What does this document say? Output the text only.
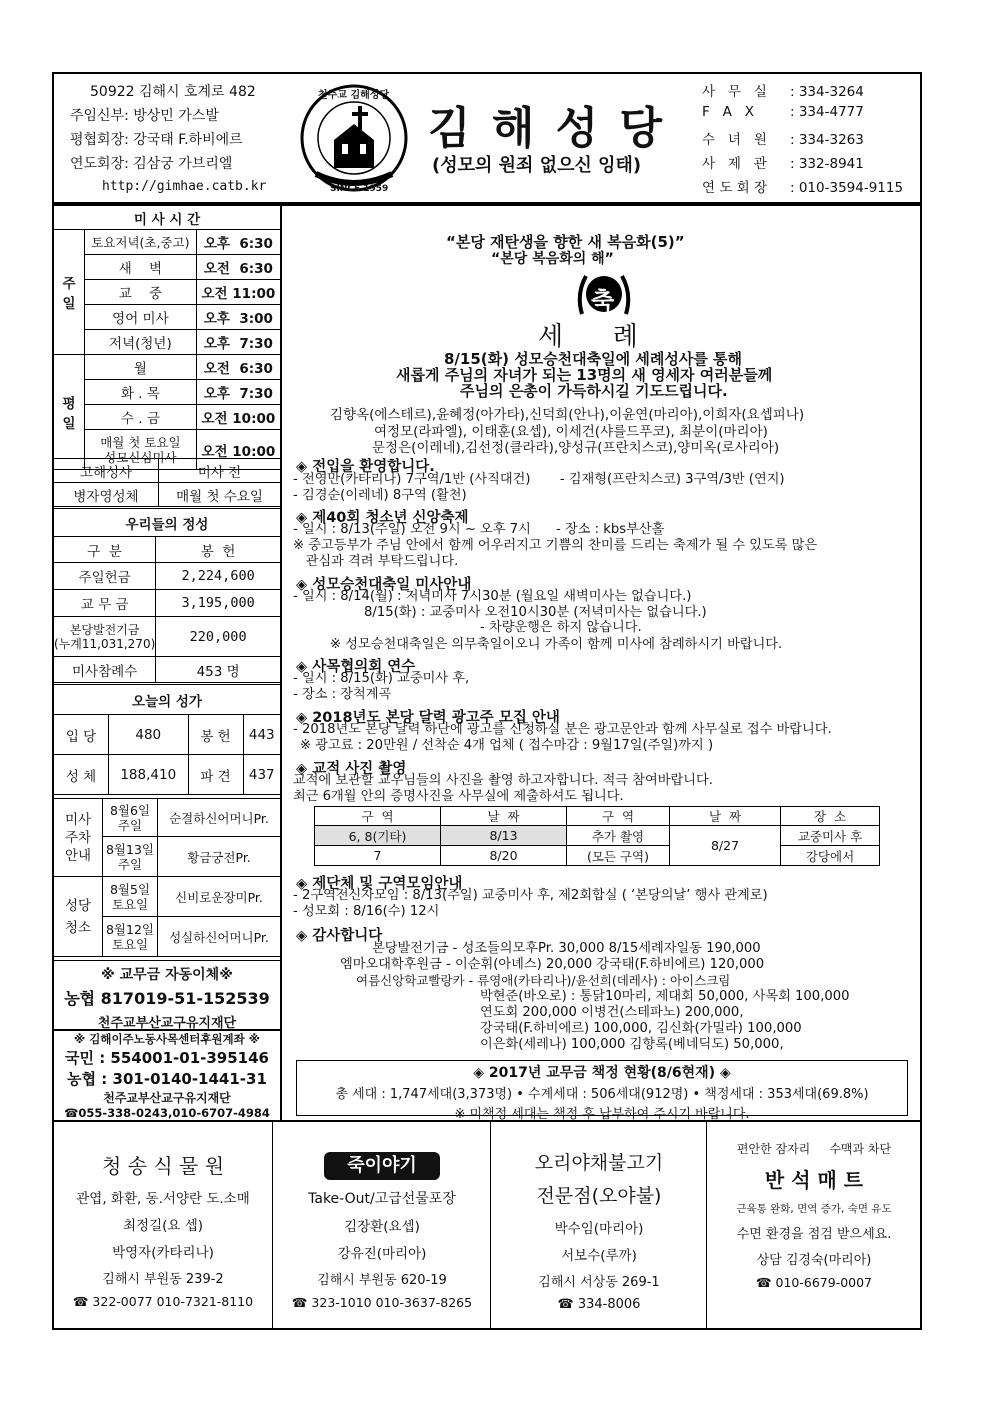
50922 김해시 호계로 482
주임신부: 방상민 가스발
평협회장: 강국태 F.하비에르
연도회장: 김삼궁 가브리엘
http://gimhae.catb.kr
천주교 김해성당
SINCE 1959
김 해 성 당
(성모의 원죄 없으신 잉태)
사   무   실 : 334-3264
F   A   X	: 334-4777
수   녀   원 : 334-3263
사   제   관 : 332-8941
연 도 회 장 : 010-3594-9115
미 사 시 간		
주
일	토요저녁(초,중고)	오후  6:30
	새    벽	오전  6:30
	교    중	오전 11:00
	영어 미사	오후  3:00
	저녁(청년)	오후  7:30
평
일	월	오전  6:30
	화 . 목	오후  7:30
	수 . 금	오전 10:00
	매월 첫 토요일
성모신심미사	오전 10:00
고해성사	미사 전
병자영성체	매월 첫 수요일
우리들의 정성	
구  분	봉  헌
주일헌금	2,224,600
교 무 금	3,195,000
본당발전기금
(누계11,031,270)	220,000
미사참례수	453 명
오늘의 성가			
입 당	480	봉 헌	443
성 체	188,410	파 견	437
미사
주차
안내	8월6일
주일	순결하신어머니Pr.
	8월13일
주일	황금궁전Pr.
성당
청소	8월5일
토요일	신비로운장미Pr.
	8월12일
토요일	성실하신어머니Pr.
※ 교무금 자동이체※
농협 817019-51-152539
천주교부산교구유지재단
※ 김해이주노동사목센터후원계좌 ※
국민 : 554001-01-395146
농협 : 301-0140-1441-31
천주교부산교구유지재단
☎055-338-0243,010-6707-4984
“본당 재탄생을 향한 새 복음화(5)”
“본당 복음화의 해”
축
세      례
8/15(화) 성모승천대축일에 세례성사를 통해
새롭게 주님의 자녀가 되는 13명의 새 영세자 여러분들께
주님의 은총이 가득하시길 기도드립니다.
김향옥(에스테르),윤혜정(아가타),신덕희(안나),이윤연(마리아),이희자(요셉피나)
여정모(라파엘), 이태훈(요셉), 이세건(샤를드푸코), 최분이(마리아)
문정은(이레네),김선정(클라라),양성규(프란치스코),양미옥(로사리아)
◈ 전입을 환영합니다.
- 전영만(카타리나) 7구역/1반 (사직대건)       - 김재형(프란치스코) 3구역/3반 (연지)
- 김경순(이레네) 8구역 (활천)
◈ 제40회 청소년 신앙축제
- 일시 : 8/13(주일) 오전 9시 ~ 오후 7시      - 장소 : kbs부산홀
※ 중고등부가 주님 안에서 함께 어우러지고 기쁨의 찬미를 드리는 축제가 될 수 있도록 많은
관심과 격려 부탁드립니다.
◈ 성모승천대축일 미사안내
- 일시 : 8/14(월) : 저녁미사 7시30분 (월요일 새벽미사는 없습니다.)
8/15(화) : 교중미사 오전10시30분 (저녁미사는 없습니다.)
- 차량운행은 하지 않습니다.
※ 성모승천대축일은 의무축일이오니 가족이 함께 미사에 참례하시기 바랍니다.
◈ 사목협의회 연수
- 일시 : 8/15(화) 교중미사 후,
- 장소 : 장척계곡
◈ 2018년도 본당 달력 광고주 모집 안내
- 2018년도 본당 달력 하단에 광고를 신청하실 분은 광고문안과 함께 사무실로 접수 바랍니다.
※ 광고료 : 20만원 / 선착순 4개 업체 ( 접수마감 : 9월17일(주일)까지 )
◈ 교적 사진 촬영
교적에 보관할 교우님들의 사진을 촬영 하고자합니다. 적극 참여바랍니다.
최근 6개월 안의 증명사진을 사무실에 제출하셔도 됩니다.
구  역	날  짜	구  역	날  짜	장  소
6, 8(기타)	8/13	추가 촬영	8/27	교중미사 후
7	8/20	(모든 구역)		강당에서
◈ 제단체 및 구역모임안내
- 2구역전신자모임 : 8/13(주일) 교중미사 후, 제2회합실 ( ‘본당의날’ 행사 관계로)
- 성모회 : 8/16(수) 12시
◈ 감사합니다
본당발전기금 - 성조들의모후Pr. 30,000 8/15세례자일동 190,000
엠마오대학후원금 - 이순휘(아녜스) 20,000 강국태(F.하비에르) 120,000
여름신앙학교빨랑카 - 류영애(카타리나)/윤선희(데레사) : 아이스크림
박현준(바오로) : 통닭10마리, 제대회 50,000, 사목회 100,000
연도회 200,000 이병건(스테파노) 200,000,
강국태(F.하비에르) 100,000, 김신화(가밀라) 100,000
이은화(세레나) 100,000 김향록(베네딕도) 50,000,
◈ 2017년 교무금 책정 현황(8/6현재) ◈
총 세대 : 1,747세대(3,373명) • 수계세대 : 506세대(912명) • 책정세대 : 353세대(69.8%)
※ 미책정 세대는 책정 후 납부하여 주시기 바랍니다.
청 송 식 물 원
관엽, 화환, 동.서양란 도.소매
최정길(요 셉)
박영자(카타리나)
김해시 부원동 239-2
☎ 322-0077 010-7321-8110
죽이야기
Take-Out/고급선물포장
김장환(요셉)
강유진(마리아)
김해시 부원동 620-19
☎ 323-1010 010-3637-8265
오리야채불고기
전문점(오야불)
박수임(마리아)
서보수(루까)
김해시 서상동 269-1
☎ 334-8006
편안한 잠자리     수맥과 차단
반 석 매 트
근육통 완화, 면역 증가, 숙면 유도
수면 환경을 점검 받으세요.
상담 김경숙(마리아)
☎ 010-6679-0007
